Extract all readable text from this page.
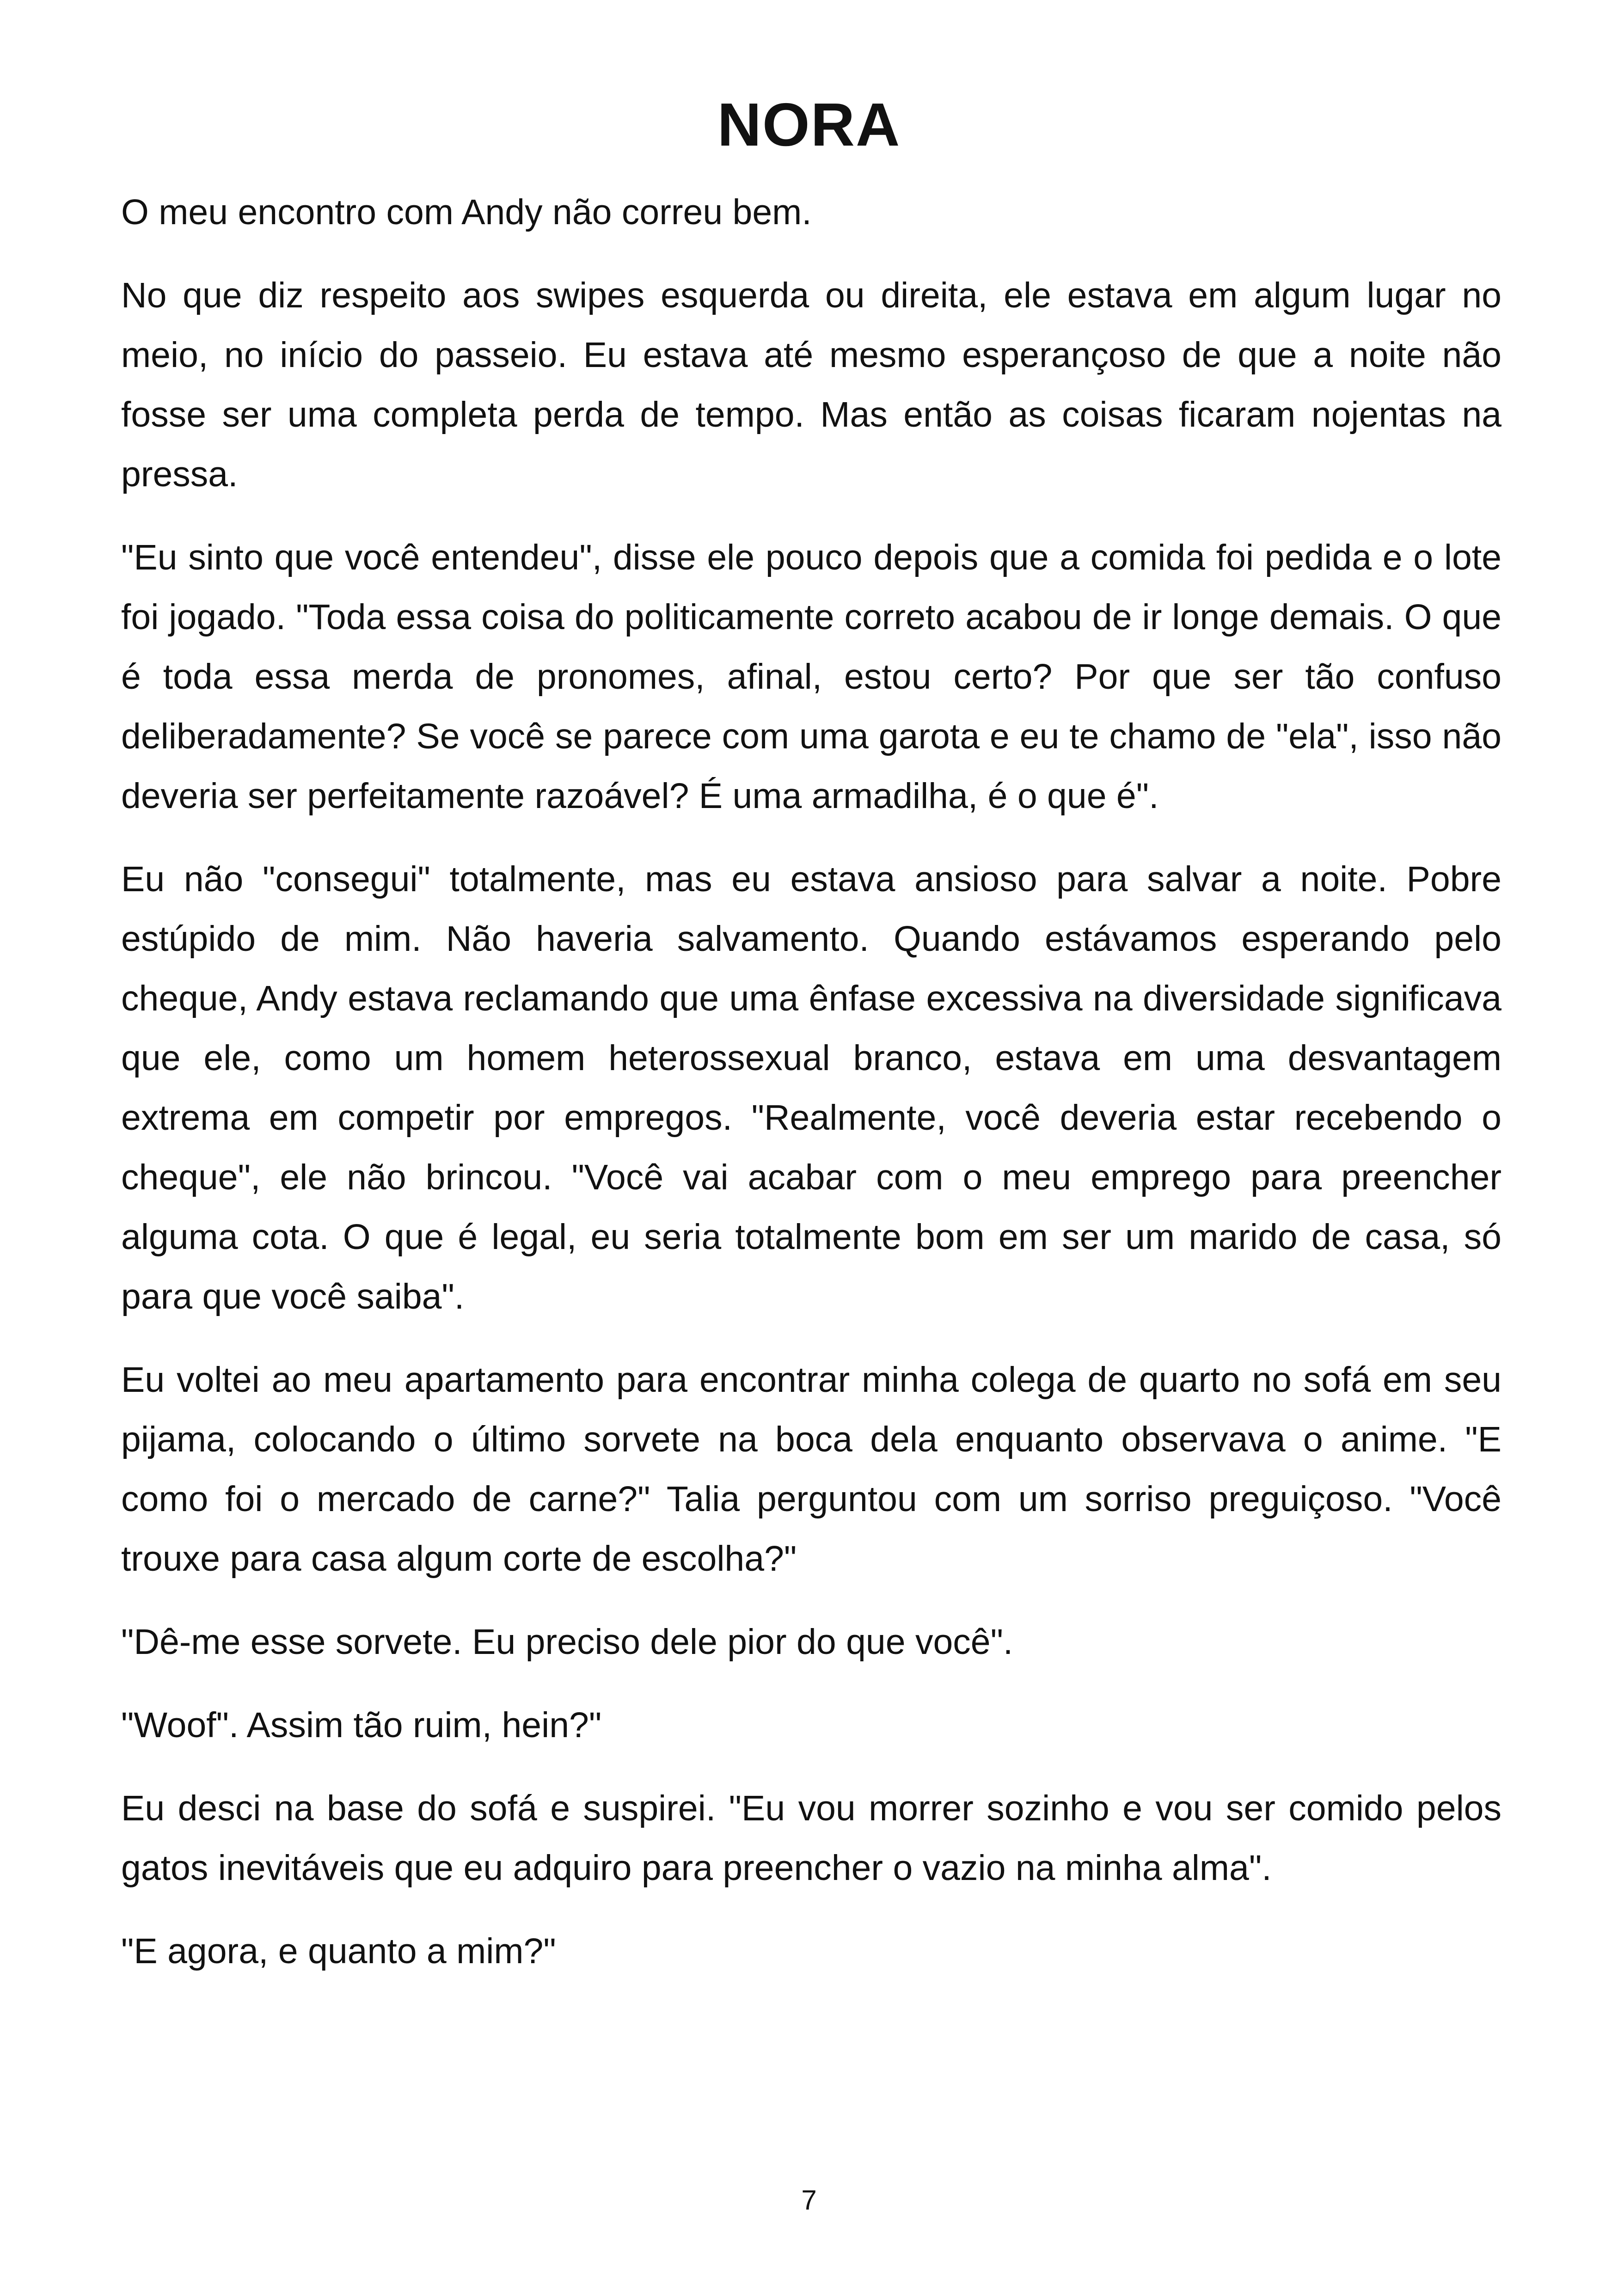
NORA

O meu encontro com Andy não correu bem.

No que diz respeito aos swipes esquerda ou direita, ele estava em algum lugar no meio, no início do passeio. Eu estava até mesmo esperançoso de que a noite não fosse ser uma completa perda de tempo. Mas então as coisas ficaram nojentas na pressa.

"Eu sinto que você entendeu", disse ele pouco depois que a comida foi pedida e o lote foi jogado. "Toda essa coisa do politicamente correto acabou de ir longe demais. O que é toda essa merda de pronomes, afinal, estou certo? Por que ser tão confuso deliberadamente? Se você se parece com uma garota e eu te chamo de "ela", isso não deveria ser perfeitamente razoável? É uma armadilha, é o que é".

Eu não "consegui" totalmente, mas eu estava ansioso para salvar a noite. Pobre estúpido de mim. Não haveria salvamento. Quando estávamos esperando pelo cheque, Andy estava reclamando que uma ênfase excessiva na diversidade significava que ele, como um homem heterossexual branco, estava em uma desvantagem extrema em competir por empregos. "Realmente, você deveria estar recebendo o cheque", ele não brincou. "Você vai acabar com o meu emprego para preencher alguma cota. O que é legal, eu seria totalmente bom em ser um marido de casa, só para que você saiba".

Eu voltei ao meu apartamento para encontrar minha colega de quarto no sofá em seu pijama, colocando o último sorvete na boca dela enquanto observava o anime. "E como foi o mercado de carne?" Talia perguntou com um sorriso preguiçoso. "Você trouxe para casa algum corte de escolha?"

"Dê-me esse sorvete. Eu preciso dele pior do que você".

"Woof". Assim tão ruim, hein?"

Eu desci na base do sofá e suspirei. "Eu vou morrer sozinho e vou ser comido pelos gatos inevitáveis que eu adquiro para preencher o vazio na minha alma".

"E agora, e quanto a mim?"

7
